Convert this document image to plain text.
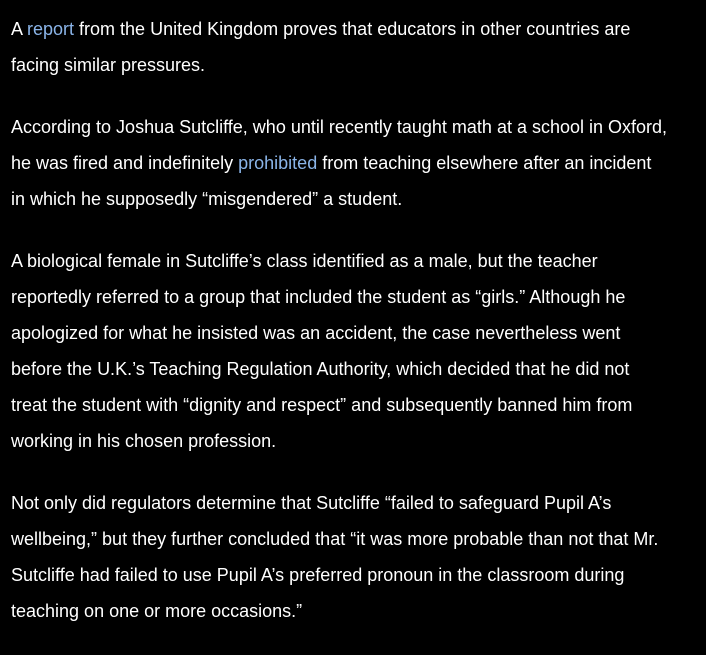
A report from the United Kingdom proves that educators in other countries are
facing similar pressures.

According to Joshua Sutcliffe, who until recently taught math at a school in Oxford,
he was fired and indefinitely prohibited from teaching elsewhere after an incident
in which he supposedly “misgendered” a student.

A biological female in Sutcliffe’s class identified as a male, but the teacher
reportedly referred to a group that included the student as “girls.” Although he
apologized for what he insisted was an accident, the case nevertheless went
before the U.K.’s Teaching Regulation Authority, which decided that he did not
treat the student with “dignity and respect” and subsequently banned him from
working in his chosen profession.

Not only did regulators determine that Sutcliffe “failed to safeguard Pupil A’s
wellbeing,” but they further concluded that “it was more probable than not that Mr.
Sutcliffe had failed to use Pupil A’s preferred pronoun in the classroom during
teaching on one or more occasions.”
